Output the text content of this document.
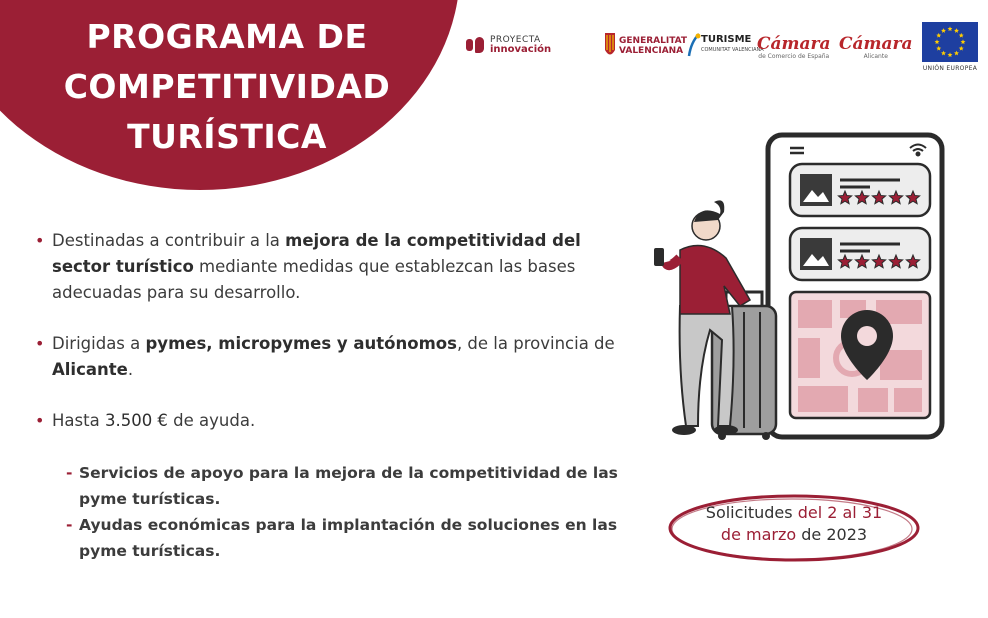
PROGRAMA DE
COMPETITIVIDAD
TURÍSTICA
PROYECTA
innovación
GENERALITAT
VALENCIANA
TURISME
COMUNITAT VALENCIANA
Cámara
de Comercio de España
Cámara
Alicante
UNIÓN EUROPEA

• Destinadas a contribuir a la mejora de la competitividad del sector turístico mediante medidas que establezcan las bases adecuadas para su desarrollo.

• Dirigidas a pymes, micropymes y autónomos, de la provincia de Alicante.

• Hasta 3.500 € de ayuda.

- Servicios de apoyo para la mejora de la competitividad de las pyme turísticas.

- Ayudas económicas para la implantación de soluciones en las pyme turísticas.

Solicitudes del 2 al 31
de marzo de 2023
